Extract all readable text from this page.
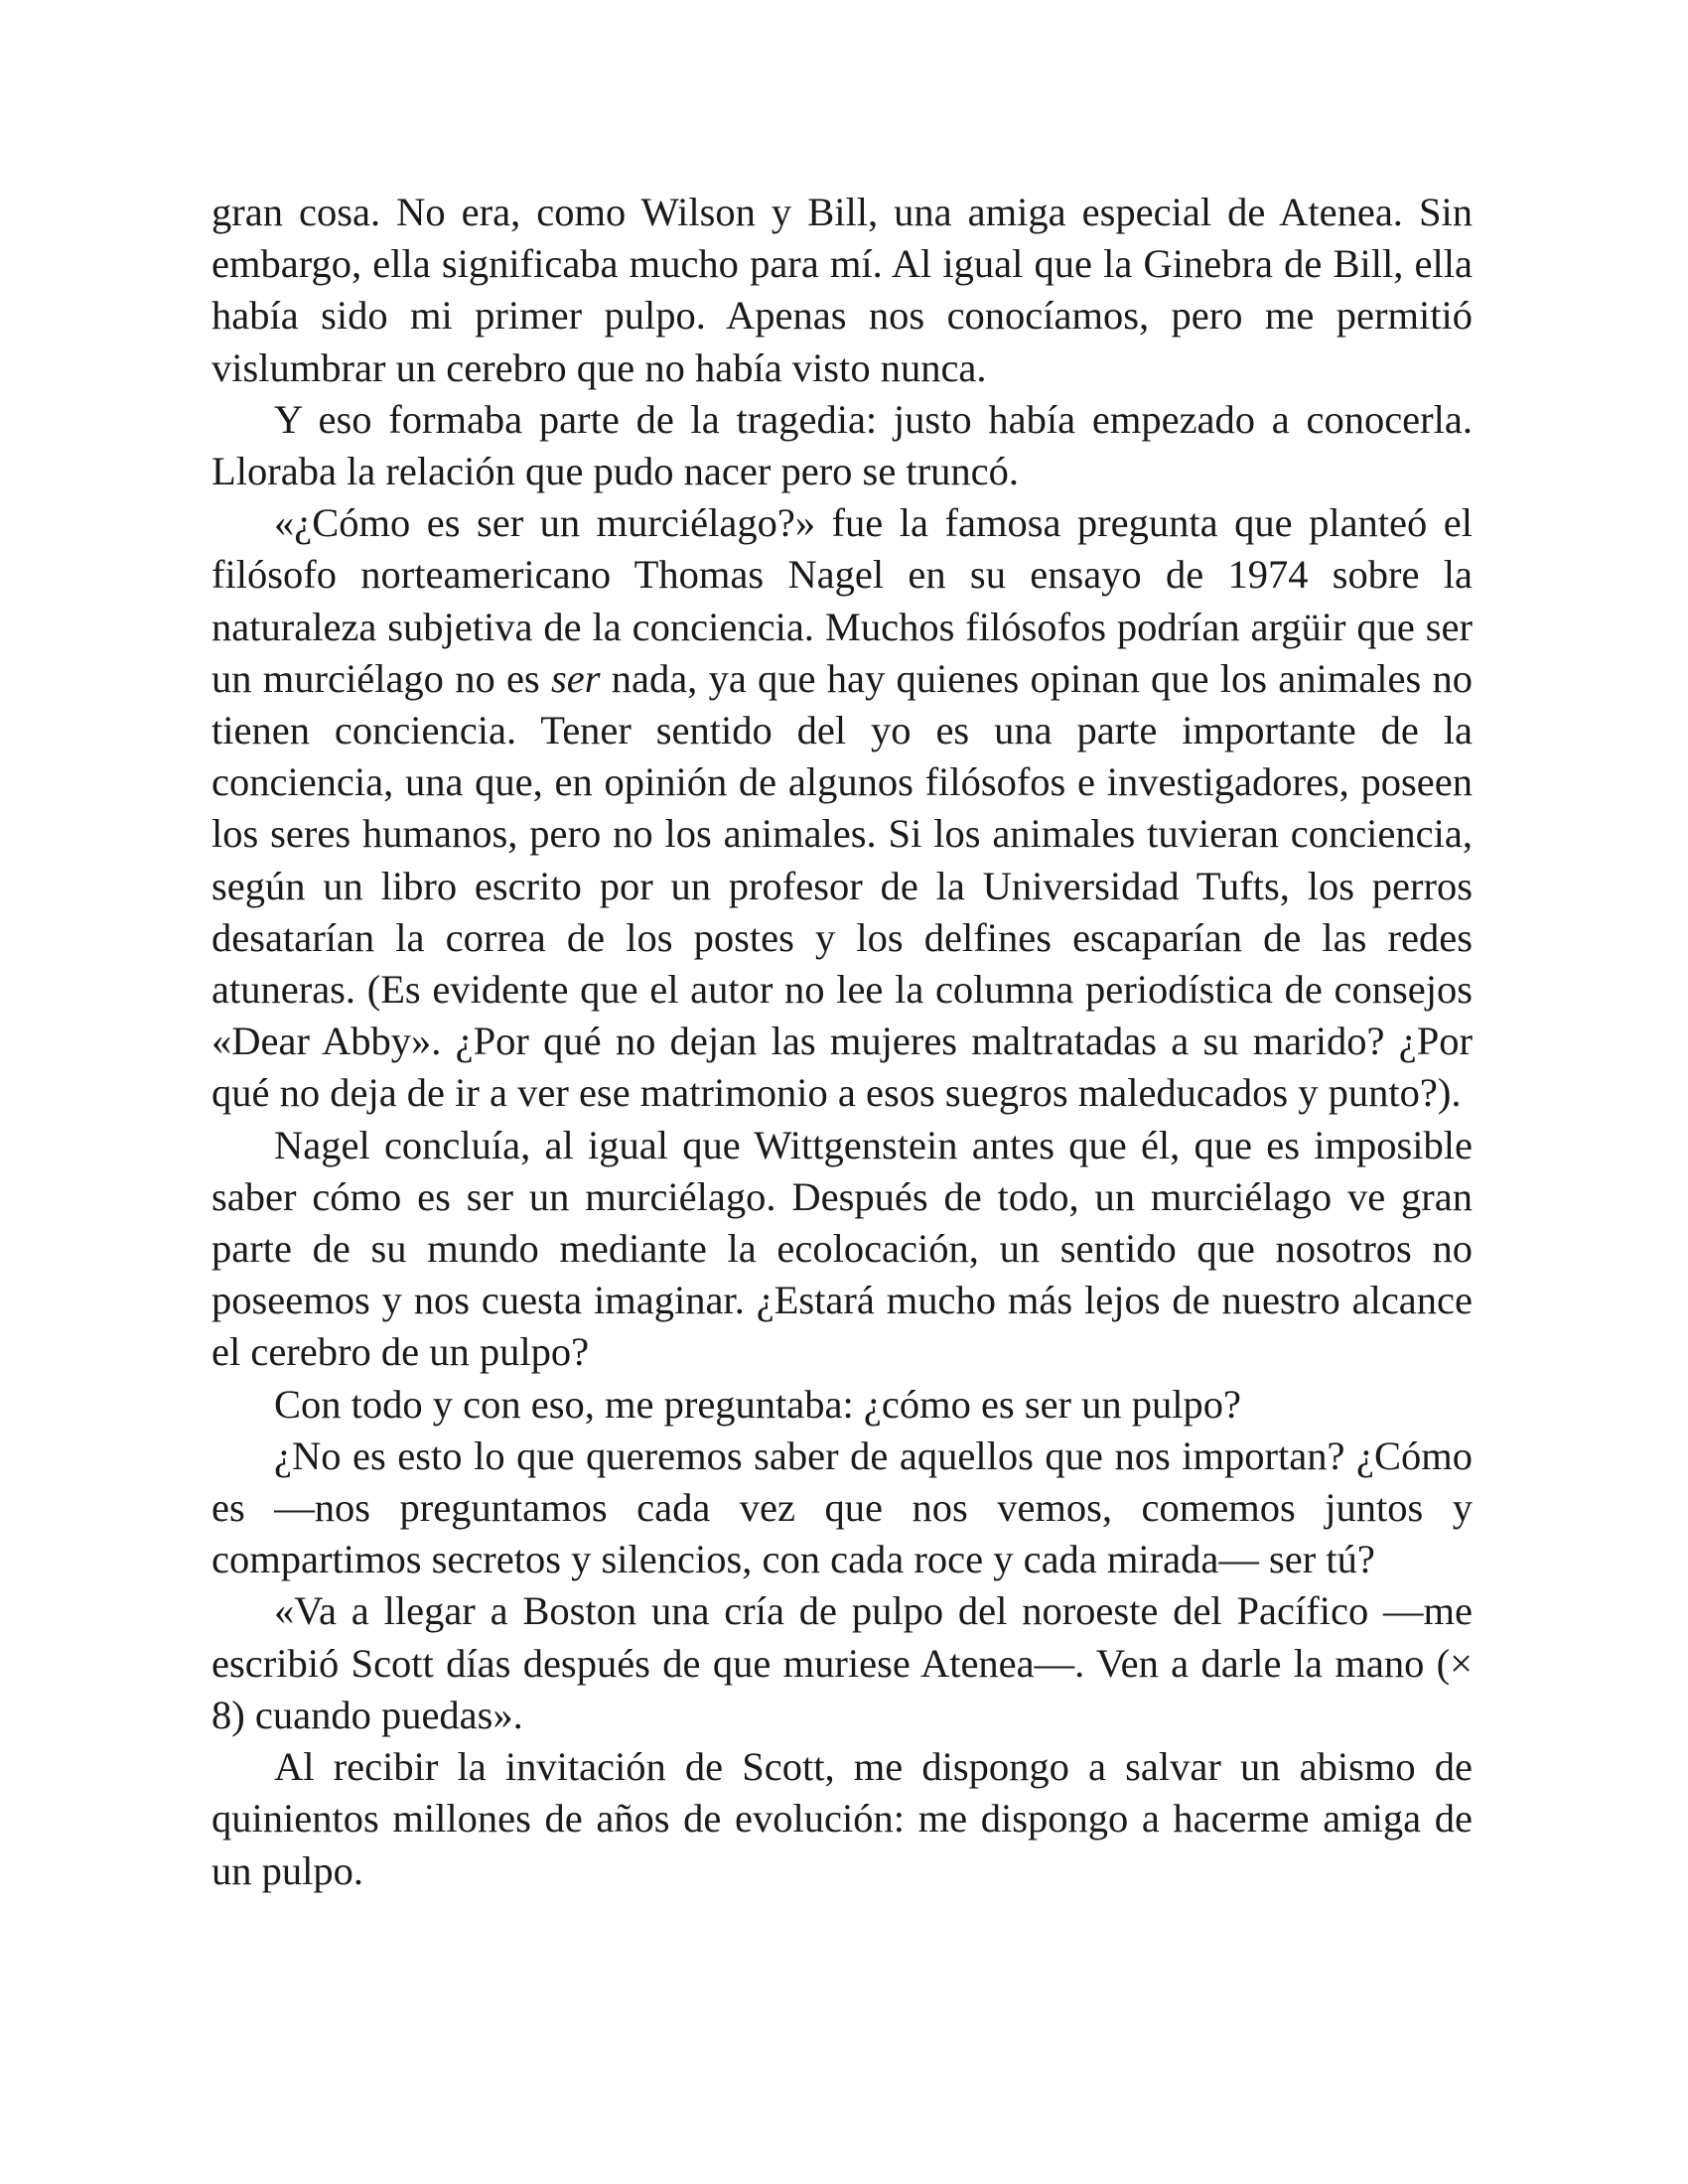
gran cosa. No era, como Wilson y Bill, una amiga especial de Atenea. Sin embargo, ella significaba mucho para mí. Al igual que la Ginebra de Bill, ella había sido mi primer pulpo. Apenas nos conocíamos, pero me permitió vislumbrar un cerebro que no había visto nunca.

Y eso formaba parte de la tragedia: justo había empezado a conocerla. Lloraba la relación que pudo nacer pero se truncó.

«¿Cómo es ser un murciélago?» fue la famosa pregunta que planteó el filósofo norteamericano Thomas Nagel en su ensayo de 1974 sobre la naturaleza subjetiva de la conciencia. Muchos filósofos podrían argüir que ser un murciélago no es ser nada, ya que hay quienes opinan que los animales no tienen conciencia. Tener sentido del yo es una parte importante de la conciencia, una que, en opinión de algunos filósofos e investigadores, poseen los seres humanos, pero no los animales. Si los animales tuvieran conciencia, según un libro escrito por un profesor de la Universidad Tufts, los perros desatarían la correa de los postes y los delfines escaparían de las redes atuneras. (Es evidente que el autor no lee la columna periodística de consejos «Dear Abby». ¿Por qué no dejan las mujeres maltratadas a su marido? ¿Por qué no deja de ir a ver ese matrimonio a esos suegros maleducados y punto?).

Nagel concluía, al igual que Wittgenstein antes que él, que es imposible saber cómo es ser un murciélago. Después de todo, un murciélago ve gran parte de su mundo mediante la ecolocación, un sentido que nosotros no poseemos y nos cuesta imaginar. ¿Estará mucho más lejos de nuestro alcance el cerebro de un pulpo?

Con todo y con eso, me preguntaba: ¿cómo es ser un pulpo?

¿No es esto lo que queremos saber de aquellos que nos importan? ¿Cómo es —nos preguntamos cada vez que nos vemos, comemos juntos y compartimos secretos y silencios, con cada roce y cada mirada— ser tú?

«Va a llegar a Boston una cría de pulpo del noroeste del Pacífico —me escribió Scott días después de que muriese Atenea—. Ven a darle la mano (× 8) cuando puedas».

Al recibir la invitación de Scott, me dispongo a salvar un abismo de quinientos millones de años de evolución: me dispongo a hacerme amiga de un pulpo.
